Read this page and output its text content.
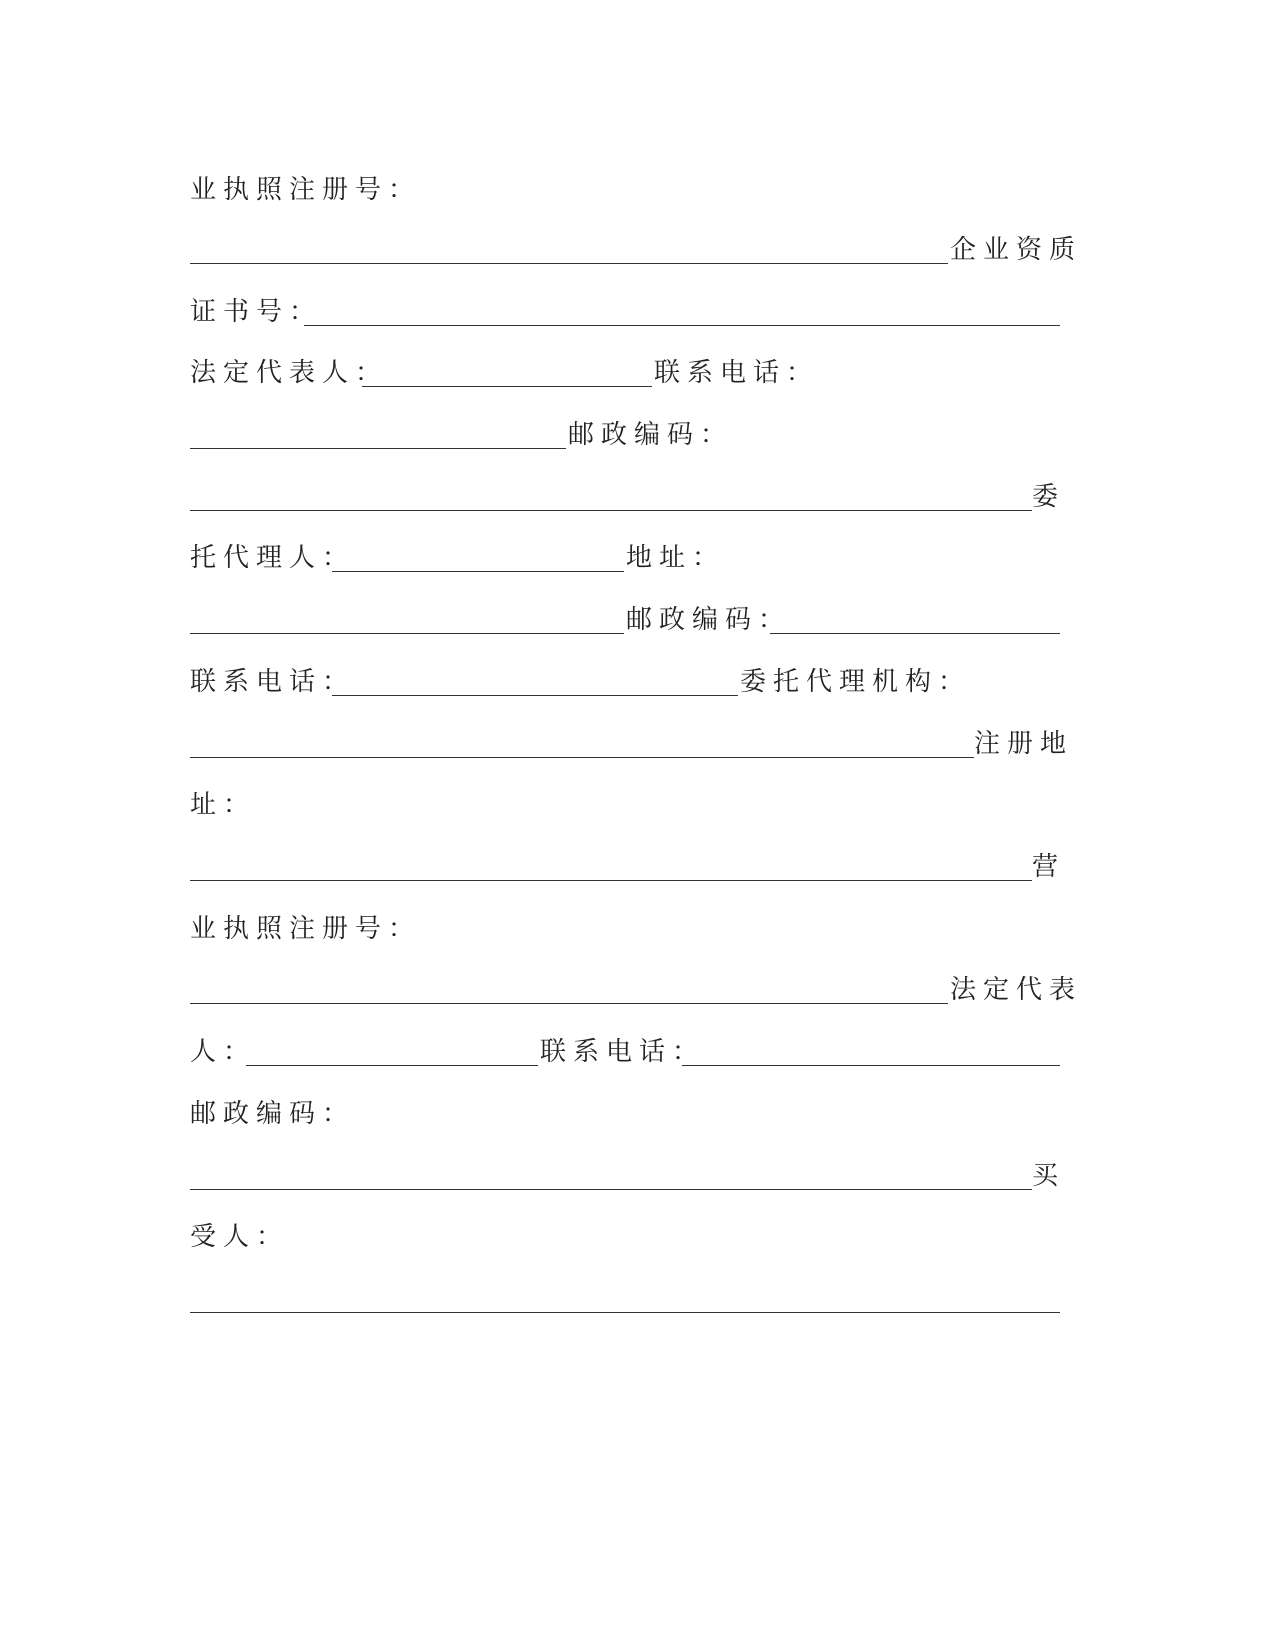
业执照注册号：
企业资质
证书号：
法定代表人：	联系电话：
邮政编码：
委
托代理人：	地址：
邮政编码：
联系电话：	委托代理机构：
注册地
址：
营
业执照注册号：
法定代表
人：	联系电话：
邮政编码：
买
受人：
